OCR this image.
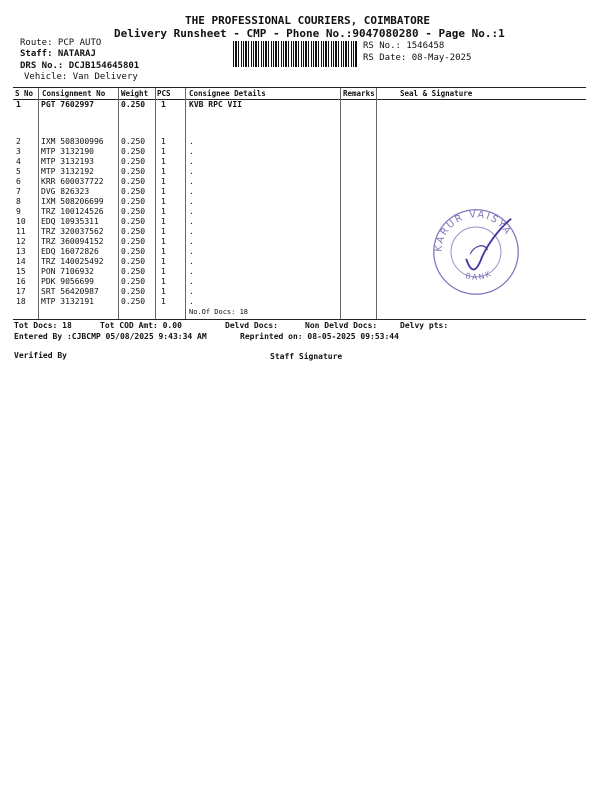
THE PROFESSIONAL COURIERS, COIMBATORE
Delivery Runsheet - CMP - Phone No.:9047080280 - Page No.:1
Route: PCP AUTO
Staff: NATARAJ
DRS No.: DCJB154645801
Vehicle: Van Delivery
RS No.: 1546458
RS Date: 08-May-2025
S No Consignment No Weight PCS Consignee Details	Remarks	Seal & Signature
1	PGT 7602997	0.250 1	KVB RPC VII
2	IXM 508300996 0.250 1	.
3	MTP 3132190	0.250 1	.
4	MTP 3132193	0.250 1	.
5	MTP 3132192	0.250 1	.
6	KRR 600037722 0.250 1	.
7	DVG 826323	0.250 1	.
8	IXM 508206699 0.250 1	.
9	TRZ 100124526 0.250 1	.
10 EDQ 10935311	0.250 1	.
11 TRZ 320037562 0.250 1	.
12 TRZ 360094152 0.250 1	.
13 EDQ 16072826	0.250 1	.
14 TRZ 140025492 0.250 1	.
15 PON 7106932	0.250 1	.
16 PDK 9056699	0.250 1	.
17 SRT 56420987	0.250 1	.
18 MTP 3132191	0.250 1	.
No.Of Docs: 18
KARUR VAISYA
BANK
Tot Docs: 18	Tot COD Amt: 0.00	Delvd Docs:	Non Delvd Docs:	Delvy pts:
Entered By :CJBCMP 05/08/2025 9:43:34 AM	Reprinted on: 08-05-2025 09:53:44
Verified By	Staff Signature
